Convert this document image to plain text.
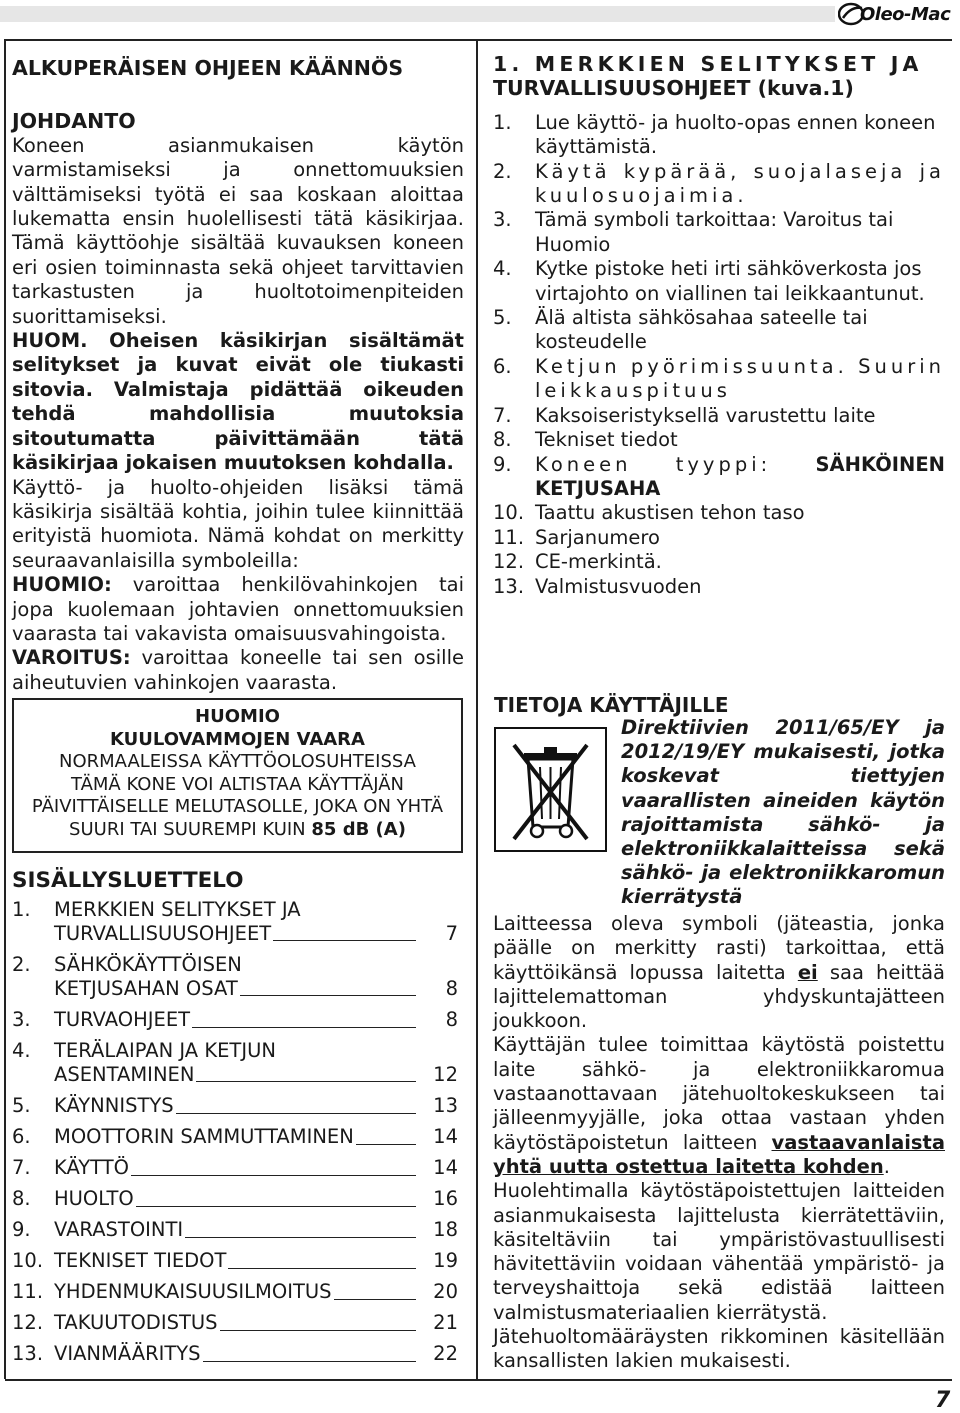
Oleo-Mac

ALKUPERÄISEN OHJEEN KÄÄNNÖS

JOHDANTO

Koneen asianmukaisen käytön varmistamiseksi ja onnettomuuksien välttämiseksi työtä ei saa koskaan aloittaa lukematta ensin huolellisesti tätä käsikirjaa. Tämä käyttöohje sisältää kuvauksen koneen eri osien toiminnasta sekä ohjeet tarvittavien tarkastusten ja huoltotoimenpiteiden suorittamiseksi.

HUOM. Oheisen käsikirjan sisältämät selitykset ja kuvat eivät ole tiukasti sitovia. Valmistaja pidättää oikeuden tehdä mahdollisia muutoksia sitoutumatta päivittämään tätä käsikirjaa jokaisen muutoksen kohdalla.

Käyttö- ja huolto-ohjeiden lisäksi tämä käsikirja sisältää kohtia, joihin tulee kiinnittää erityistä huomiota. Nämä kohdat on merkitty seuraavanlaisilla symboleilla:

HUOMIO: varoittaa henkilövahinkojen tai jopa kuolemaan johtavien onnettomuuksien vaarasta tai vakavista omaisuusvahingoista.

VAROITUS: varoittaa koneelle tai sen osille aiheutuvien vahinkojen vaarasta.

HUOMIO
KUULOVAMMOJEN VAARA
NORMAALEISSA KÄYTTÖOLOSUHTEISSA
TÄMÄ KONE VOI ALTISTAA KÄYTTÄJÄN
PÄIVITTÄISELLE MELUTASOLLE, JOKA ON YHTÄ
SUURI TAI SUUREMPI KUIN 85 dB (A)
SISÄLLYSLUETTELO
1. MERKKIEN SELITYKSET JA
TURVALLISUUSOHJEET	7
2. SÄHKÖKÄYTTÖISEN
KETJUSAHAN OSAT	8
3. TURVAOHJEET	8
4. TERÄLAIPAN JA KETJUN
ASENTAMINEN	12
5. KÄYNNISTYS	13
6. MOOTTORIN SAMMUTTAMINEN	14
7. KÄYTTÖ	14
8. HUOLTO	16
9. VARASTOINTI	18
10. TEKNISET TIEDOT	19
11. YHDENMUKAISUUSILMOITUS	20
12. TAKUUTODISTUS	21
13. VIANMÄÄRITYS	22

1. MERKKIEN SELITYKSET JA

TURVALLISUUSOHJEET (kuva.1)

1. Lue käyttö- ja huolto-opas ennen koneen käyttämistä.
2. Käytä kypärää, suojalaseja ja kuulosuojaimia.
3. Tämä symboli tarkoittaa: Varoitus tai Huomio
4. Kytke pistoke heti irti sähköverkosta jos virtajohto on viallinen tai leikkaantunut.
5. Älä altista sähkösahaa sateelle tai kosteudelle
6. Ketjun pyörimissuunta. Suurin leikkauspituus
7. Kaksoiseristyksellä varustettu laite
8. Tekniset tiedot
9. Koneen tyyppi: SÄHKÖINEN KETJUSAHA
10. Taattu akustisen tehon taso
11. Sarjanumero
12. CE-merkintä.
13. Valmistusvuoden
TIETOJA KÄYTTÄJILLE
Direktiivien 2011/65/EY ja 2012/19/EY mukaisesti, jotka koskevat tiettyjen vaarallisten aineiden käytön rajoittamista sähkö- ja elektroniikkalaitteissa sekä sähkö- ja elektroniikkaromun kierrätystä

Laitteessa oleva symboli (jäteastia, jonka päälle on merkitty rasti) tarkoittaa, että käyttöikänsä lopussa laitetta ei saa heittää lajittelemattoman yhdyskuntajätteen joukkoon.

Käyttäjän tulee toimittaa käytöstä poistettu laite sähkö- ja elektroniikkaromua vastaanottavaan jätehuoltokeskukseen tai jälleenmyyjälle, joka ottaa vastaan yhden käytöstäpoistetun laitteen vastaavanlaista yhtä uutta ostettua laitetta kohden.

Huolehtimalla käytöstäpoistettujen laitteiden asianmukaisesta lajittelusta kierrätettäviin, käsiteltäviin tai ympäristövastuullisesti hävitettäviin voidaan vähentää ympäristö- ja terveyshaittoja sekä edistää laitteen valmistusmateriaalien kierrätystä.

Jätehuoltomääräysten rikkominen käsitellään kansallisten lakien mukaisesti.

7
